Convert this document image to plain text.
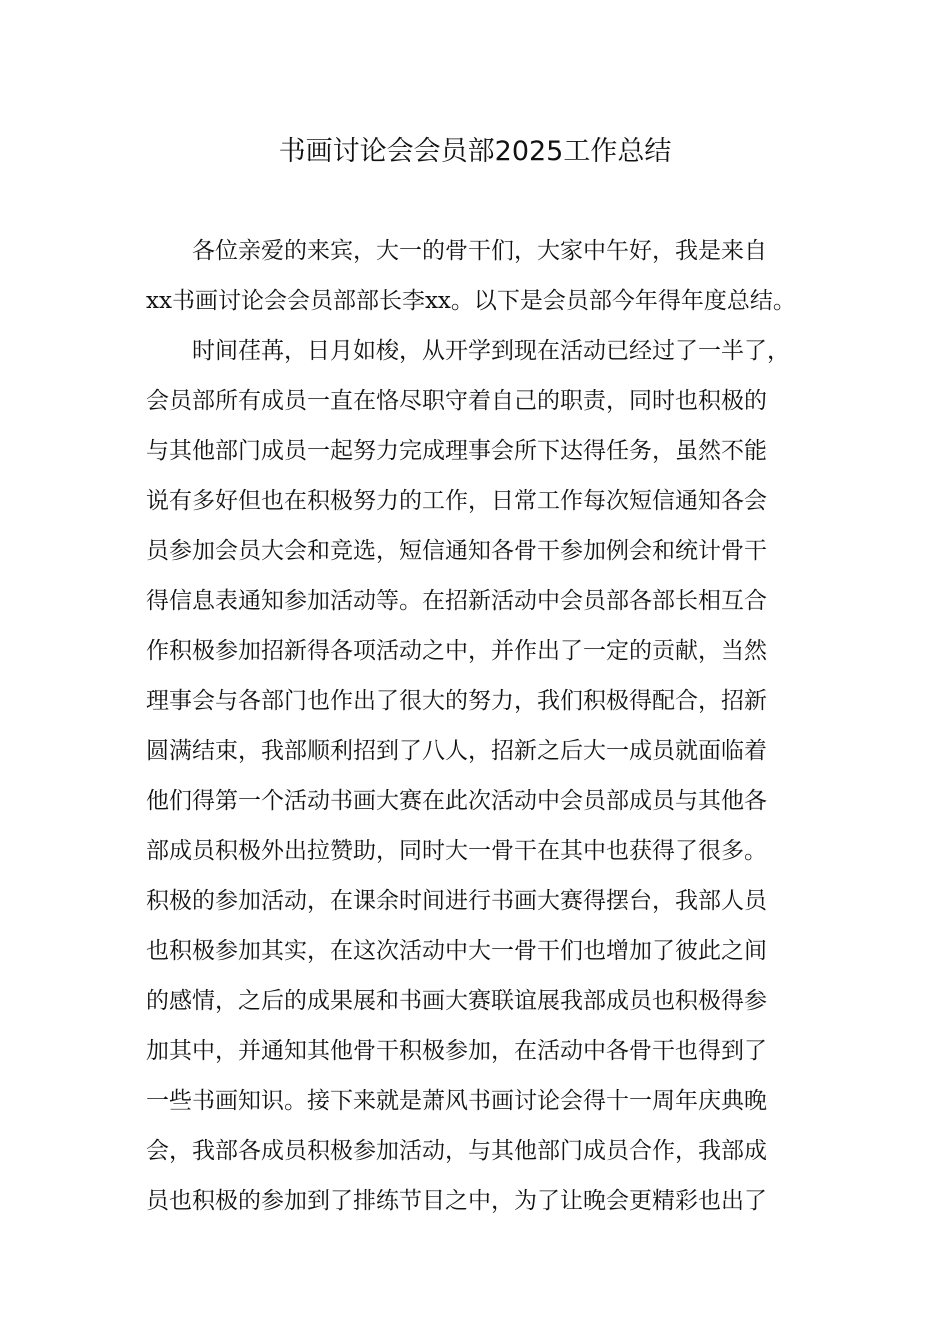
书画讨论会会员部2025工作总结
各位亲爱的来宾，大一的骨干们，大家中午好，我是来自
xx书画讨论会会员部部长李xx。以下是会员部今年得年度总结。
时间荏苒，日月如梭，从开学到现在活动已经过了一半了，
会员部所有成员一直在恪尽职守着自己的职责，同时也积极的
与其他部门成员一起努力完成理事会所下达得任务，虽然不能
说有多好但也在积极努力的工作，日常工作每次短信通知各会
员参加会员大会和竞选，短信通知各骨干参加例会和统计骨干
得信息表通知参加活动等。在招新活动中会员部各部长相互合
作积极参加招新得各项活动之中，并作出了一定的贡献，当然
理事会与各部门也作出了很大的努力，我们积极得配合，招新
圆满结束，我部顺利招到了八人，招新之后大一成员就面临着
他们得第一个活动书画大赛在此次活动中会员部成员与其他各
部成员积极外出拉赞助，同时大一骨干在其中也获得了很多。
积极的参加活动，在课余时间进行书画大赛得摆台，我部人员
也积极参加其实，在这次活动中大一骨干们也增加了彼此之间
的感情，之后的成果展和书画大赛联谊展我部成员也积极得参
加其中，并通知其他骨干积极参加，在活动中各骨干也得到了
一些书画知识。接下来就是萧风书画讨论会得十一周年庆典晚
会，我部各成员积极参加活动，与其他部门成员合作，我部成
员也积极的参加到了排练节目之中，为了让晚会更精彩也出了
